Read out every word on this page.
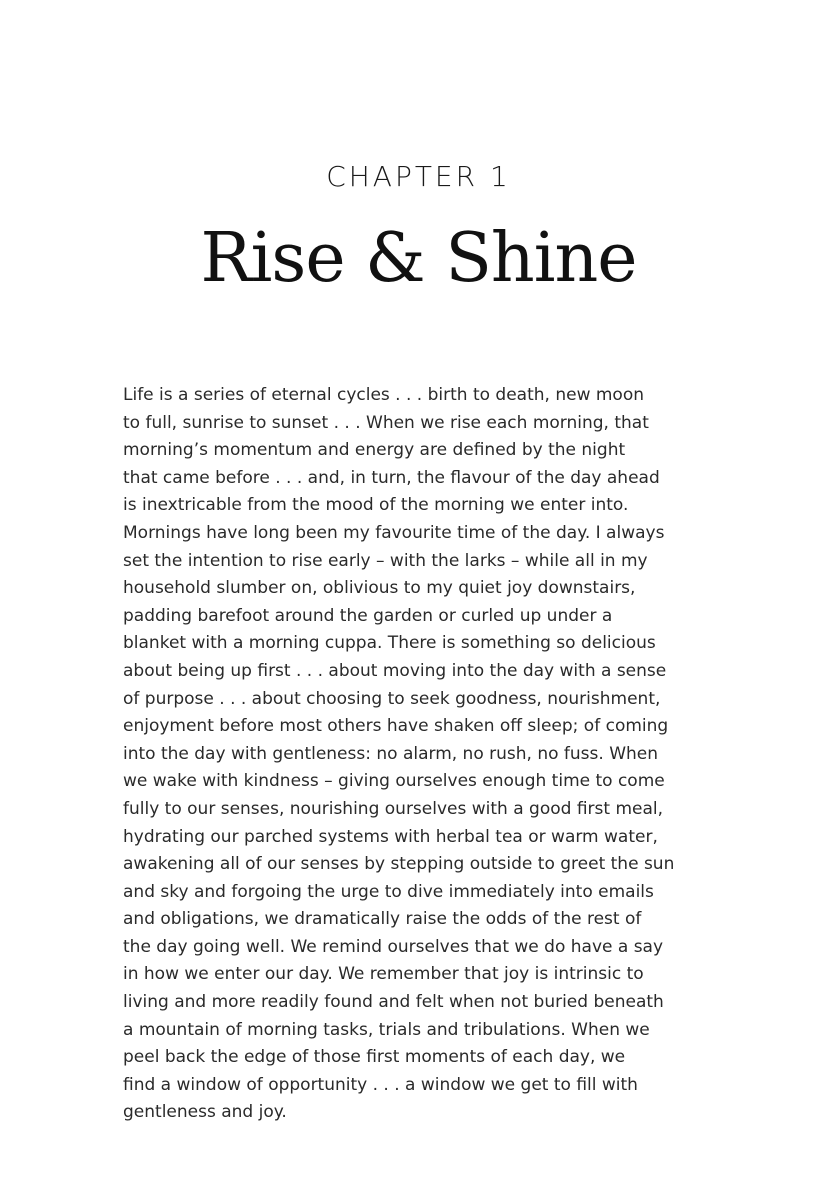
CHAPTER 1
Rise & Shine

Life is a series of eternal cycles . . . birth to death, new moon
to full, sunrise to sunset . . . When we rise each morning, that
morning’s momentum and energy are defined by the night
that came before . . . and, in turn, the flavour of the day ahead
is inextricable from the mood of the morning we enter into.
Mornings have long been my favourite time of the day. I always
set the intention to rise early – with the larks – while all in my
household slumber on, oblivious to my quiet joy downstairs,
padding barefoot around the garden or curled up under a
blanket with a morning cuppa. There is something so delicious
about being up first . . . about moving into the day with a sense
of purpose . . . about choosing to seek goodness, nourishment,
enjoyment before most others have shaken off sleep; of coming
into the day with gentleness: no alarm, no rush, no fuss. When
we wake with kindness – giving ourselves enough time to come
fully to our senses, nourishing ourselves with a good first meal,
hydrating our parched systems with herbal tea or warm water,
awakening all of our senses by stepping outside to greet the sun
and sky and forgoing the urge to dive immediately into emails
and obligations, we dramatically raise the odds of the rest of
the day going well. We remind ourselves that we do have a say
in how we enter our day. We remember that joy is intrinsic to
living and more readily found and felt when not buried beneath
a mountain of morning tasks, trials and tribulations. When we
peel back the edge of those first moments of each day, we
find a window of opportunity . . . a window we get to fill with
gentleness and joy.
